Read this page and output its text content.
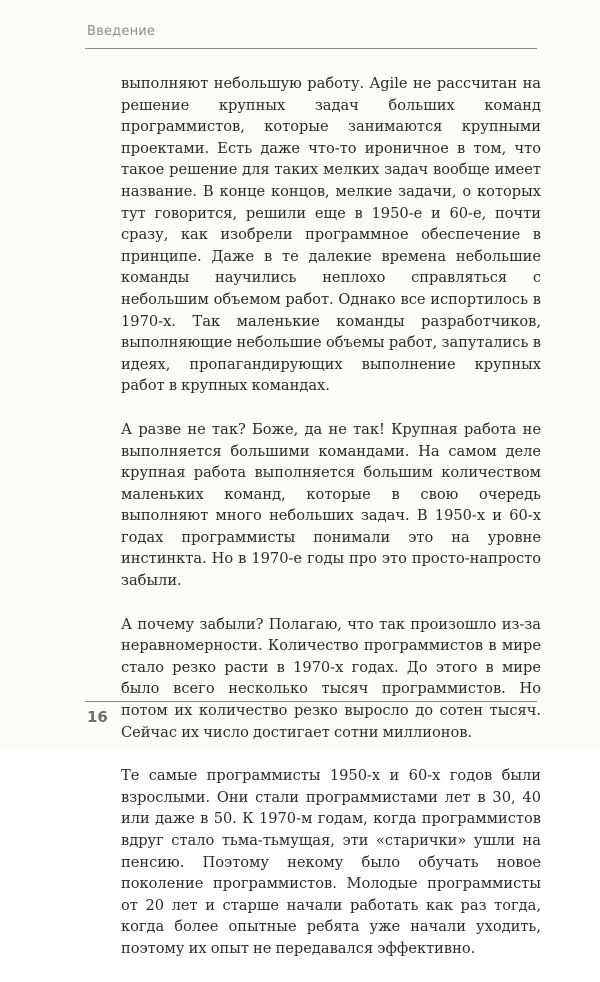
Введение

выполняют небольшую работу. Agile не рассчитан на решение крупных задач больших команд программистов, которые занимаются крупными проектами. Есть даже что-то ироничное в том, что такое решение для таких мелких задач вообще имеет название. В конце концов, мелкие задачи, о которых тут говорится, решили еще в 1950-е и 60-е, почти сразу, как изобрели программное обеспечение в принципе. Даже в те далекие времена небольшие команды научились неплохо справляться с небольшим объемом работ. Однако все испортилось в 1970-х. Так маленькие команды разработчиков, выполняющие небольшие объемы работ, запутались в идеях, пропагандирующих выполнение крупных работ в крупных командах.

А разве не так? Боже, да не так! Крупная работа не выполняется большими командами. На самом деле крупная работа выполняется большим количеством маленьких команд, которые в свою очередь выполняют много небольших задач. В 1950-х и 60-х годах программисты понимали это на уровне инстинкта. Но в 1970-е годы про это просто-напросто забыли.

А почему забыли? Полагаю, что так произошло из-за неравномерности. Количество программистов в мире стало резко расти в 1970-х годах. До этого в мире было всего несколько тысяч программистов. Но потом их количество резко выросло до сотен тысяч. Сейчас их число достигает сотни миллионов.

Те самые программисты 1950-х и 60-х годов были взрослыми. Они стали программистами лет в 30, 40 или даже в 50. К 1970-м годам, когда программистов вдруг стало тьма-тьмущая, эти «старички» ушли на пенсию. Поэтому некому было обучать новое поколение программистов. Молодые программисты от 20 лет и старше начали работать как раз тогда, когда более опытные ребята уже начали уходить, поэтому их опыт не передавался эффективно.

16
